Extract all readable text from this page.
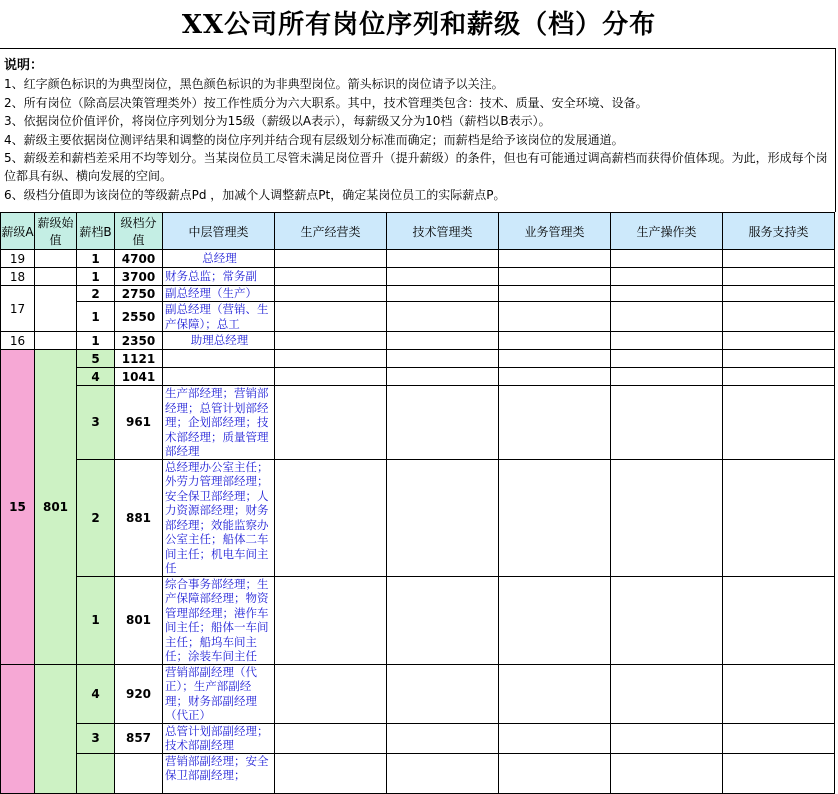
XX公司所有岗位序列和薪级（档）分布
说明：
1、红字颜色标识的为典型岗位，黑色颜色标识的为非典型岗位。箭头标识的岗位请予以关注。
2、所有岗位（除高层决策管理类外）按工作性质分为六大职系。其中，技术管理类包含：技术、质量、安全环境、设备。
3、依据岗位价值评价，将岗位序列划分为15级（薪级以A表示），每薪级又分为10档（薪档以B表示）。
4、薪级主要依据岗位测评结果和调整的岗位序列并结合现有层级划分标准而确定；而薪档是给予该岗位的发展通道。
5、薪级差和薪档差采用不均等划分。当某岗位员工尽管未满足岗位晋升（提升薪级）的条件，但也有可能通过调高薪档而获得价值体现。为此，形成每个岗位都具有纵、横向发展的空间。
6、级档分值即为该岗位的等级薪点Pd ，加减个人调整薪点Pt，确定某岗位员工的实际薪点P。
薪级A	薪级始值	薪档B	级档分值	中层管理类	生产经营类	技术管理类	业务管理类	生产操作类	服务支持类
19		1	4700	总经理					

18		1	3700	财务总监；常务副					
17		2	2750	副总经理（生产）					
		1	2550	副总经理（营销、生产保障）；总工					
16		1	2350	助理总经理					

15	801	5	1121						
		4	1041						
		3	961	生产部经理；营销部经理；总管计划部经理；企划部经理；技术部经理；质量管理部经理					
		2	881	总经理办公室主任；外劳力管理部经理；安全保卫部经理；人力资源部经理；财务部经理；效能监察办公室主任；船体二车间主任；机电车间主任					
		1	801	综合事务部经理；生产保障部经理；物资管理部经理；港作车间主任；船体一车间主任；船坞车间主任；涂装车间主任					
		4	920	营销部副经理（代正）；生产部副经理；财务部副经理（代正）					
		3	857	总管计划部副经理；技术部副经理					
				营销部副经理；安全保卫部副经理；					
